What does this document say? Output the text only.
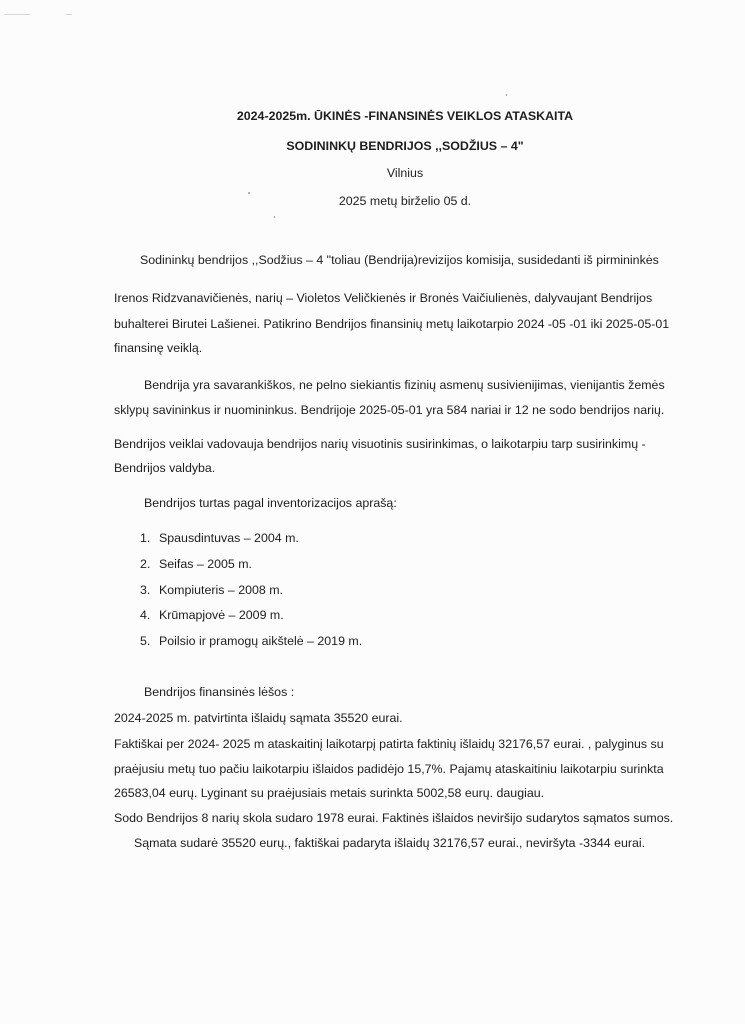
2024-2025m. ŪKINĖS -FINANSINĖS VEIKLOS ATASKAITA
SODININKŲ BENDRIJOS ,,SODŽIUS – 4"
Vilnius
2025 metų birželio 05 d.
Sodininkų bendrijos ,,Sodžius – 4 "toliau (Bendrija)revizijos komisija, susidedanti iš pirmininkės
Irenos Ridzvanavičienės, narių – Violetos Veličkienės ir Bronės Vaičiulienės, dalyvaujant Bendrijos
buhalterei Birutei Lašienei. Patikrino Bendrijos finansinių metų laikotarpio 2024 -05 -01 iki 2025-05-01
finansinę veiklą.
Bendrija yra savarankiškos, ne pelno siekiantis fizinių asmenų susivienijimas, vienijantis žemės
sklypų savininkus ir nuomininkus. Bendrijoje 2025-05-01 yra 584 nariai ir 12 ne sodo bendrijos narių.
Bendrijos veiklai vadovauja bendrijos narių visuotinis susirinkimas, o laikotarpiu tarp susirinkimų -
Bendrijos valdyba.
Bendrijos turtas pagal inventorizacijos aprašą:
1. Spausdintuvas – 2004 m.
2. Seifas – 2005 m.
3. Kompiuteris – 2008 m.
4. Krūmapjovė – 2009 m.
5. Poilsio ir pramogų aikštelė – 2019 m.
Bendrijos finansinės lėšos :
2024-2025 m. patvirtinta išlaidų sąmata 35520 eurai.
Faktiškai per 2024- 2025 m ataskaitinį laikotarpį patirta faktinių išlaidų 32176,57 eurai. , palyginus su
praėjusiu metų tuo pačiu laikotarpiu išlaidos padidėjo 15,7%. Pajamų ataskaitiniu laikotarpiu surinkta
26583,04 eurų. Lyginant su praėjusiais metais surinkta 5002,58 eurų. daugiau.
Sodo Bendrijos 8 narių skola sudaro 1978 eurai. Faktinės išlaidos neviršijo sudarytos sąmatos sumos.
Sąmata sudarė 35520 eurų., faktiškai padaryta išlaidų 32176,57 eurai., neviršyta -3344 eurai.
